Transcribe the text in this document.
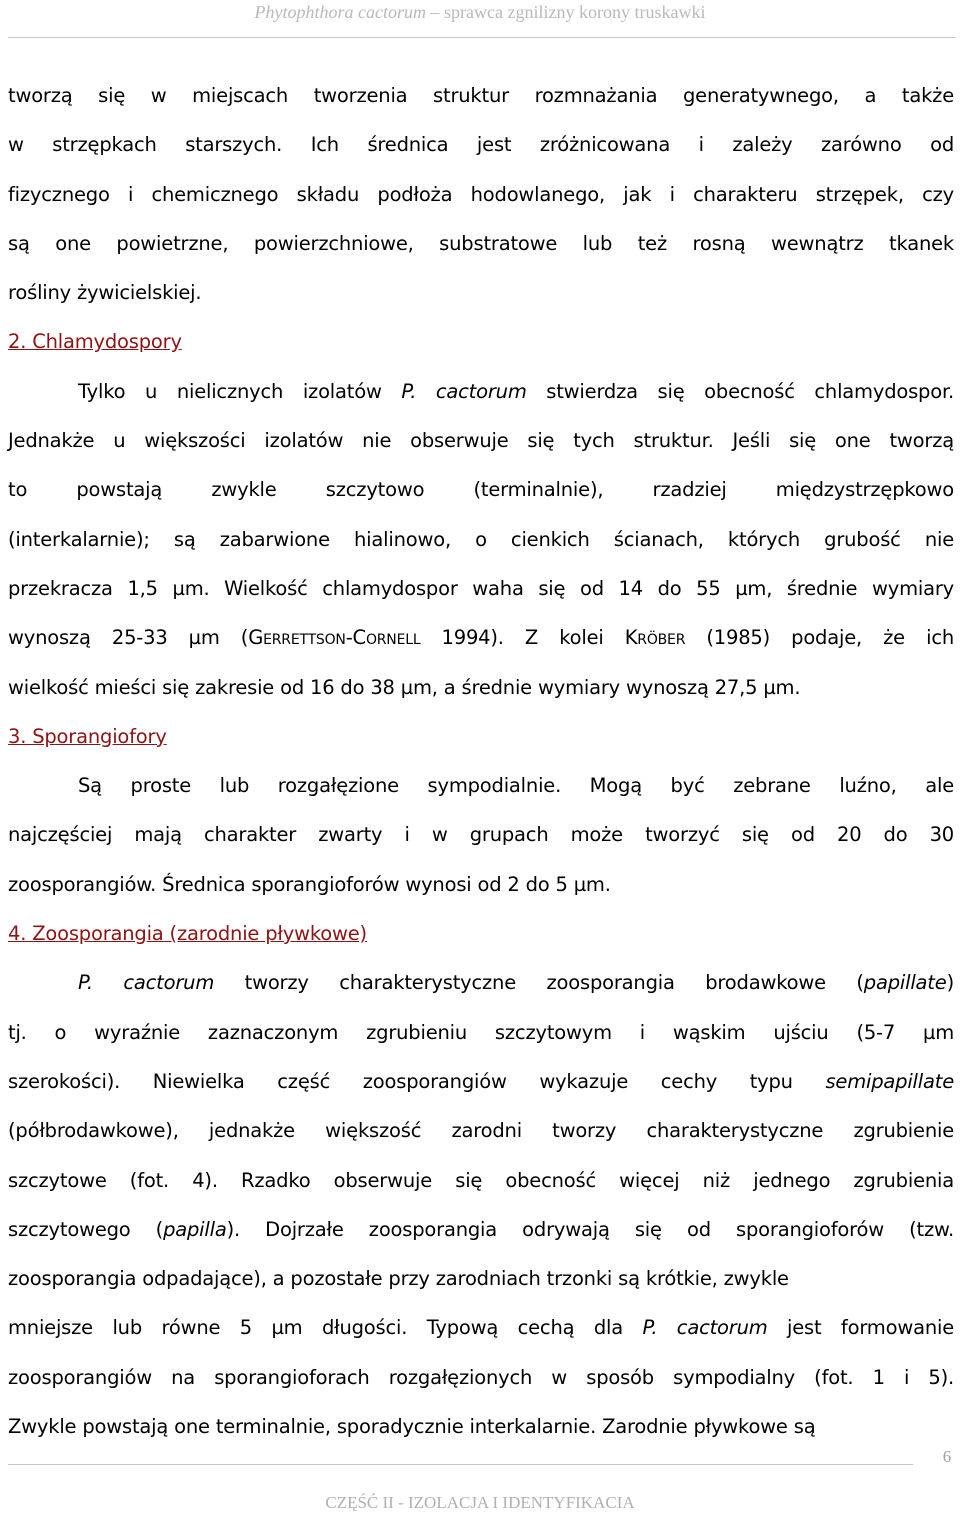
Phytophthora cactorum – sprawca zgnilizny korony truskawki
tworzą się w miejscach tworzenia struktur rozmnażania generatywnego, a także
w strzępkach starszych. Ich średnica jest zróżnicowana i zależy zarówno od
fizycznego i chemicznego składu podłoża hodowlanego, jak i charakteru strzępek, czy
są one powietrzne, powierzchniowe, substratowe lub też rosną wewnątrz tkanek
rośliny żywicielskiej.
2. Chlamydospory
Tylko u nielicznych izolatów P. cactorum stwierdza się obecność chlamydospor.
Jednakże u większości izolatów nie obserwuje się tych struktur. Jeśli się one tworzą
to powstają zwykle szczytowo (terminalnie), rzadziej międzystrzępkowo
(interkalarnie); są zabarwione hialinowo, o cienkich ścianach, których grubość nie
przekracza 1,5 µm. Wielkość chlamydospor waha się od 14 do 55 µm, średnie wymiary
wynoszą 25-33 µm (Gerrettson-Cornell 1994). Z kolei Kröber (1985) podaje, że ich
wielkość mieści się zakresie od 16 do 38 µm, a średnie wymiary wynoszą 27,5 µm.
3. Sporangiofory
Są proste lub rozgałęzione sympodialnie. Mogą być zebrane luźno, ale
najczęściej mają charakter zwarty i w grupach może tworzyć się od 20 do 30
zoosporangiów. Średnica sporangioforów wynosi od 2 do 5 µm.
4. Zoosporangia (zarodnie pływkowe)
P. cactorum tworzy charakterystyczne zoosporangia brodawkowe (papillate)
tj. o wyraźnie zaznaczonym zgrubieniu szczytowym i wąskim ujściu (5-7 µm
szerokości). Niewielka część zoosporangiów wykazuje cechy typu semipapillate
(półbrodawkowe), jednakże większość zarodni tworzy charakterystyczne zgrubienie
szczytowe (fot. 4). Rzadko obserwuje się obecność więcej niż jednego zgrubienia
szczytowego (papilla). Dojrzałe zoosporangia odrywają się od sporangioforów (tzw.
zoosporangia odpadające), a pozostałe przy zarodniach trzonki są krótkie, zwykle
mniejsze lub równe 5 µm długości. Typową cechą dla P. cactorum jest formowanie
zoosporangiów na sporangioforach rozgałęzionych w sposób sympodialny (fot. 1 i 5).
Zwykle powstają one terminalnie, sporadycznie interkalarnie. Zarodnie pływkowe są
6
CZĘŚĆ II - IZOLACJA I IDENTYFIKACIA
